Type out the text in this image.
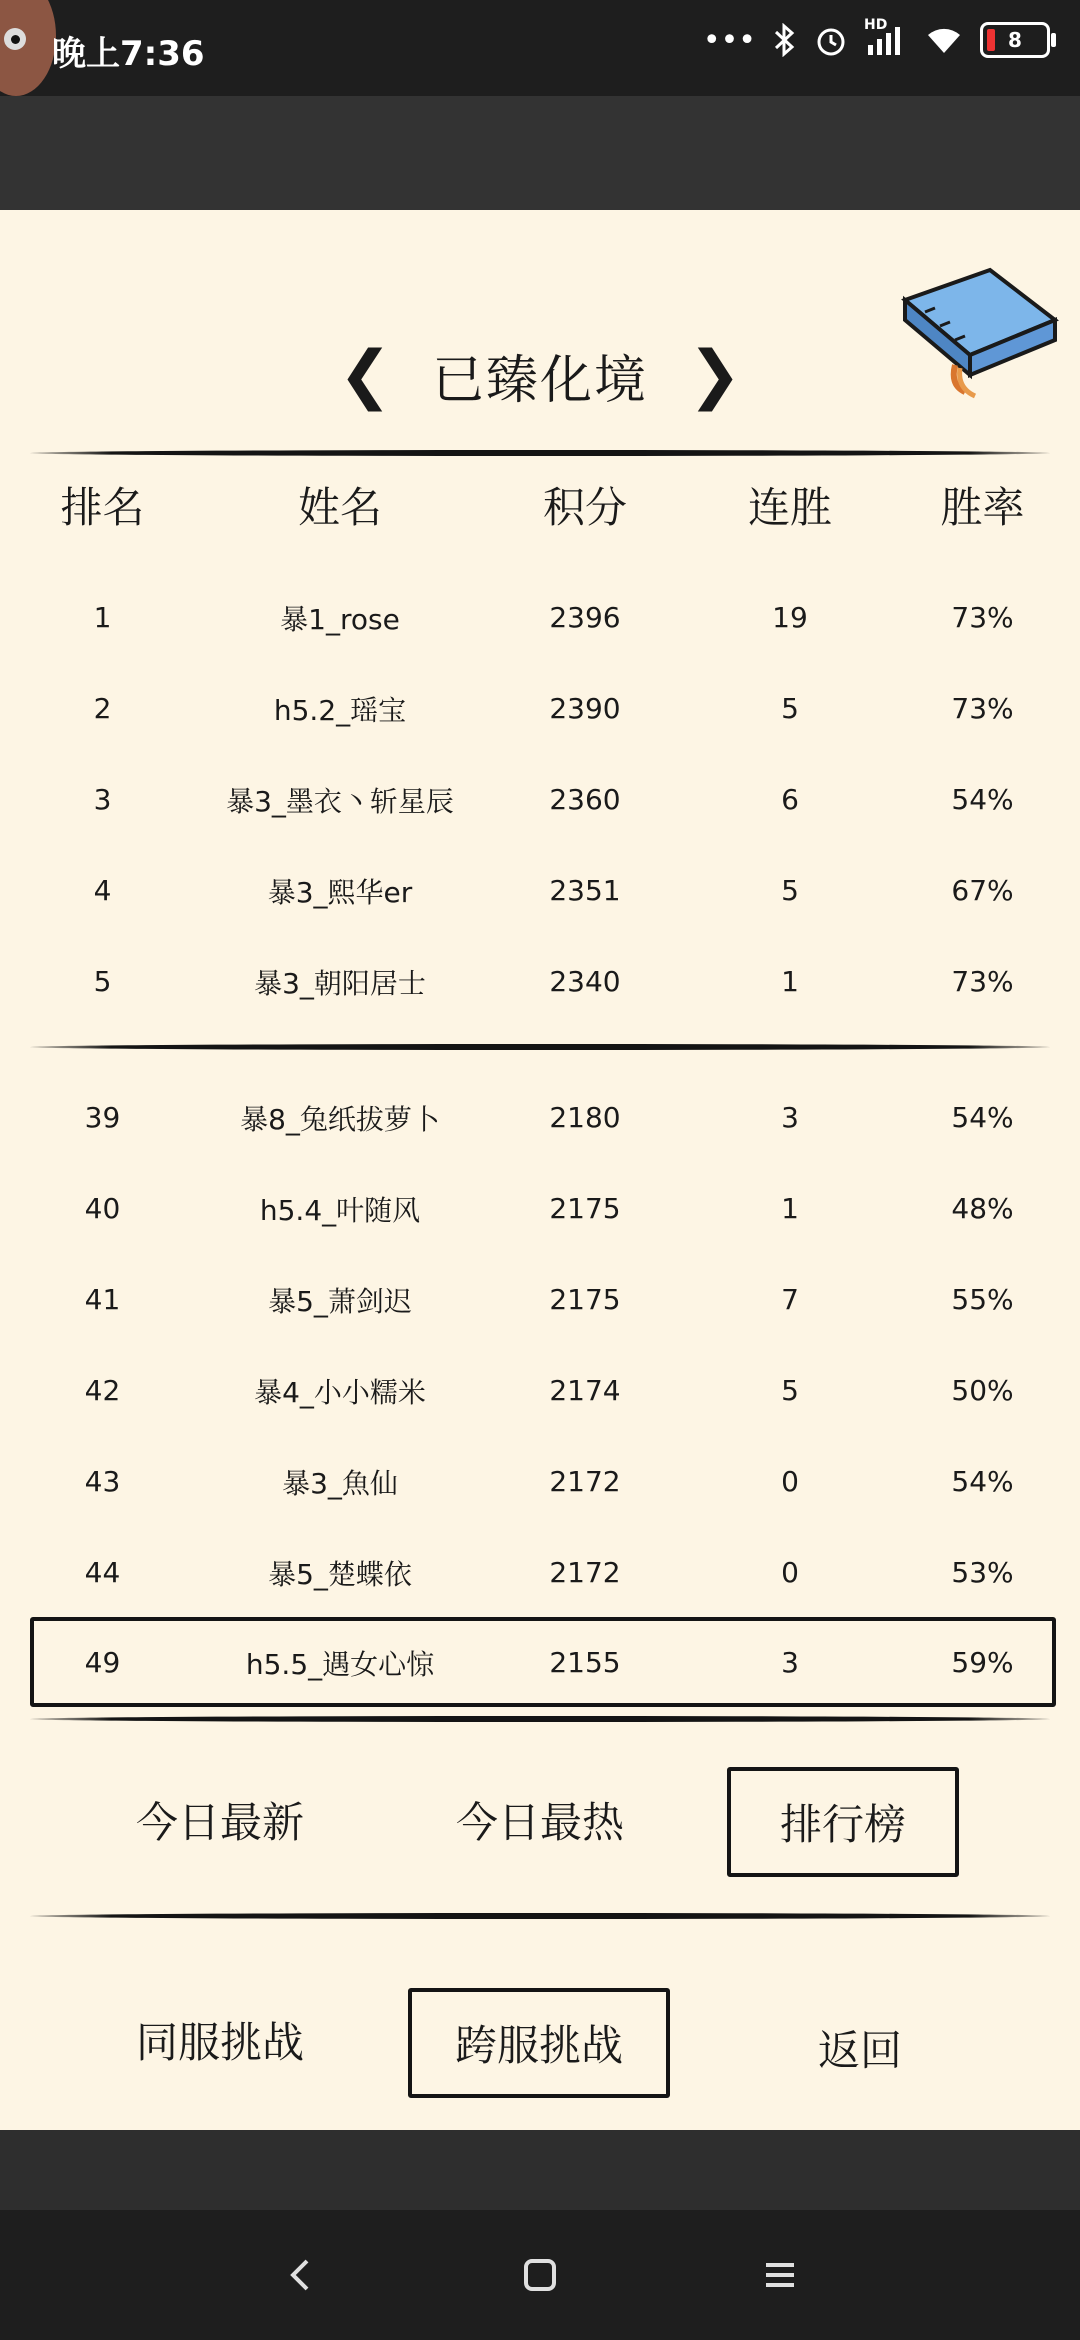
晚上7:36	•••	HD
8
❮ 已臻化境 ❯
排名	姓名	积分	连胜	胜率
1	暴1_rose	2396	19	73%
2	h5.2_瑶宝	2390	5	73%
3	暴3_墨衣丶斩星辰	2360	6	54%
4	暴3_熙华er	2351	5	67%
5	暴3_朝阳居士	2340	1	73%
39	暴8_兔纸拔萝卜	2180	3	54%
40	h5.4_叶随风	2175	1	48%
41	暴5_萧剑迟	2175	7	55%
42	暴4_小小糯米	2174	5	50%
43	暴3_魚仙	2172	0	54%
44	暴5_楚蝶依	2172	0	53%
49	h5.5_遇女心惊	2155	3	59%
今日最新	今日最热	排行榜
同服挑战	跨服挑战	返回
